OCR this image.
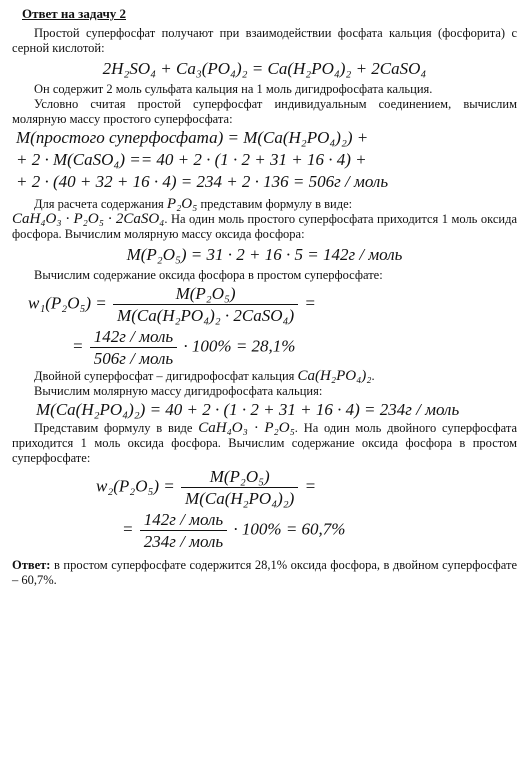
Ответ на задачу 2

Простой суперфосфат получают при взаимодействии фосфата кальция (фосфорита) с серной кислотой:

2H₂SO₄ + Ca₃(PO₄)₂ = Ca(H₂PO₄)₂ + 2CaSO₄

Он содержит 2 моль сульфата кальция на 1 моль дигидрофосфата кальция.

Условно считая простой суперфосфат индивидуальным соединением, вычислим молярную массу простого суперфосфата:

M(простого суперфосфата) = M(Ca(H₂PO₄)₂) +
+ 2 · M(CaSO₄) == 40 + 2 · (1 · 2 + 31 + 16 · 4) +
+ 2 · (40 + 32 + 16 · 4) = 234 + 2 · 136 = 506г / моль

Для расчета содержания P₂O₅ представим формулу в виде:

CaH₄O₃ · P₂O₅ · 2CaSO₄. На один моль простого суперфосфата приходится 1 моль оксида фосфора. Вычислим молярную массу оксида фосфора:

M(P₂O₅) = 31 · 2 + 16 · 5 = 142г / моль

Вычислим содержание оксида фосфора в простом суперфосфате:

$w_1(P_2O_5) = \frac{\text{M(P₂O₅)}}{\text{M(Ca(H₂PO₄)₂ · 2CaSO₄)}}$ =
= $\frac{\text{142г / моль}}{\text{506г / моль}} \cdot 100\% = 28,1\%$

Двойной суперфосфат – дигидрофосфат кальция Ca(H₂PO₄)₂.

Вычислим молярную массу дигидрофосфата кальция:

M(Ca(H₂PO₄)₂) = 40 + 2 · (1 · 2 + 31 + 16 · 4) = 234г / моль

Представим формулу в виде CaH₄O₃ · P₂O₅. На один моль двойного суперфосфата приходится 1 моль оксида фосфора. Вычислим содержание оксида фосфора в простом суперфосфате:

$w_2(P_2O_5) = \frac{\text{M(P₂O₅)}}{\text{M(Ca(H₂PO₄)₂)}}$ =
= $\frac{\text{142г / моль}}{\text{234г / моль}} \cdot 100\% = 60,7\%$

Ответ: в простом суперфосфате содержится 28,1% оксида фосфора, в двойном суперфосфате – 60,7%.
